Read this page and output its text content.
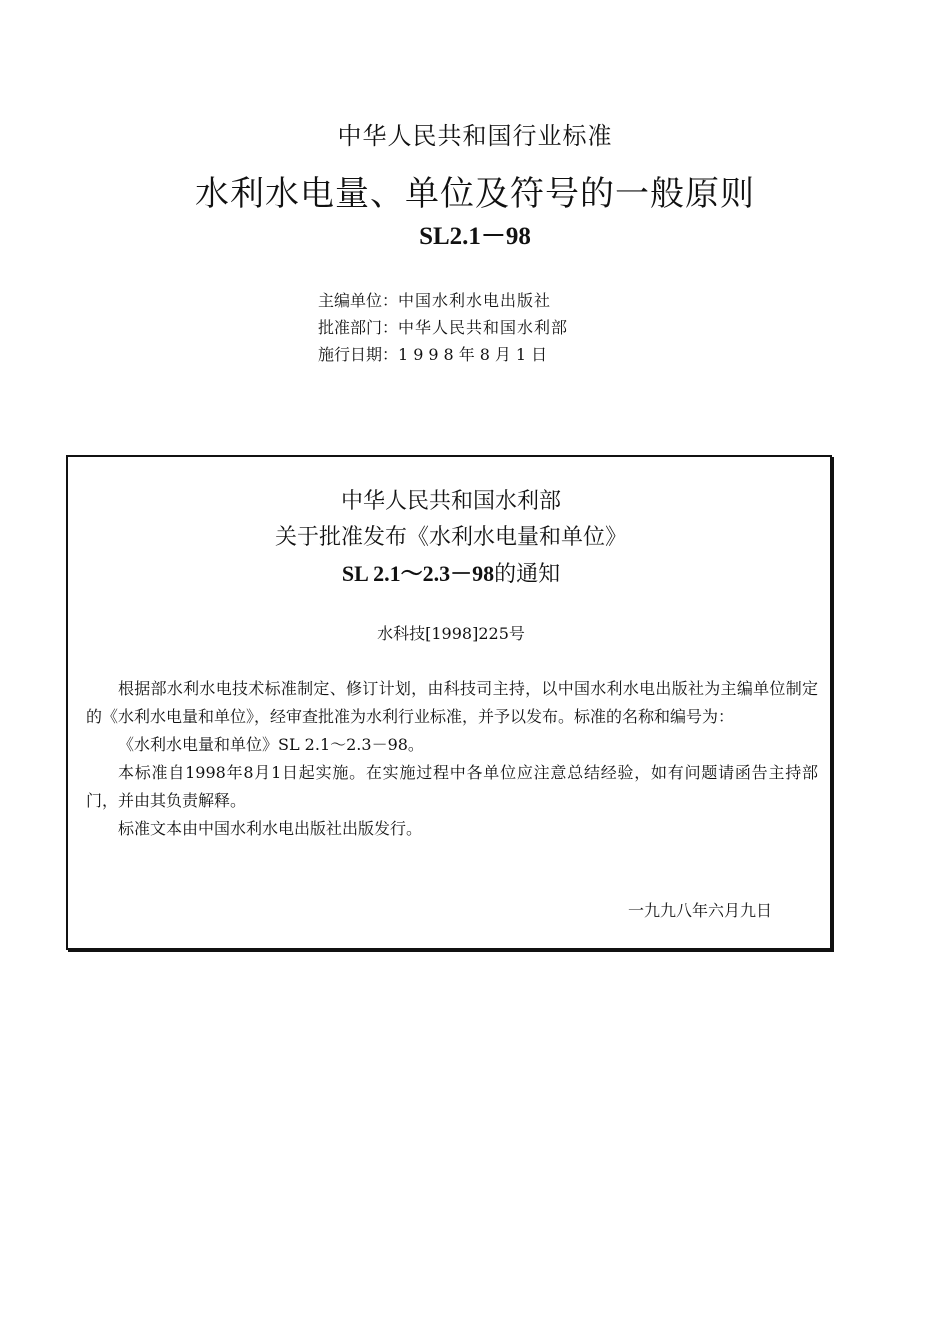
中华人民共和国行业标准
水利水电量、单位及符号的一般原则
SL2.1－98
主编单位：中国水利水电出版社
批准部门：中华人民共和国水利部
施行日期：1998年8月1日
中华人民共和国水利部
关于批准发布《水利水电量和单位》
SL 2.1～2.3－98的通知
水科技[1998]225号

根据部水利水电技术标准制定、修订计划，由科技司主持，以中国水利水电出版社为主编单位制定的《水利水电量和单位》，经审查批准为水利行业标准，并予以发布。标准的名称和编号为：

《水利水电量和单位》SL 2.1～2.3－98。

本标准自1998年8月1日起实施。在实施过程中各单位应注意总结经验，如有问题请函告主持部门，并由其负责解释。

标准文本由中国水利水电出版社出版发行。

一九九八年六月九日
